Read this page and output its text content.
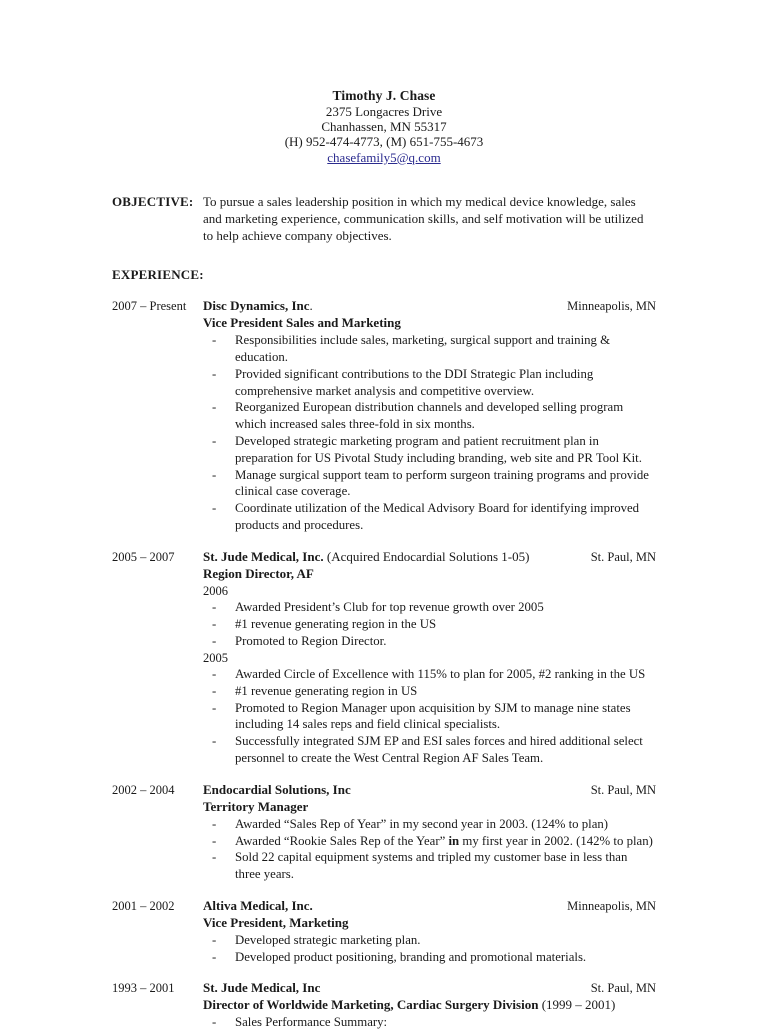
Timothy J. Chase
2375 Longacres Drive
Chanhassen, MN 55317
(H) 952-474-4773, (M) 651-755-4673
chasefamily5@q.com
OBJECTIVE: To pursue a sales leadership position in which my medical device knowledge, sales and marketing experience, communication skills, and self motivation will be utilized to help achieve company objectives.
EXPERIENCE:
2007 – Present	Disc Dynamics, Inc.	Minneapolis, MN
Vice President Sales and Marketing
- Responsibilities include sales, marketing, surgical support and training & education.
- Provided significant contributions to the DDI Strategic Plan including comprehensive market analysis and competitive overview.
- Reorganized European distribution channels and developed selling program which increased sales three-fold in six months.
- Developed strategic marketing program and patient recruitment plan in preparation for US Pivotal Study including branding, web site and PR Tool Kit.
- Manage surgical support team to perform surgeon training programs and provide clinical case coverage.
- Coordinate utilization of the Medical Advisory Board for identifying improved products and procedures.
2005 – 2007	St. Jude Medical, Inc. (Acquired Endocardial Solutions 1-05)	St. Paul, MN
Region Director, AF
2006
- Awarded President’s Club for top revenue growth over 2005
- #1 revenue generating region in the US
- Promoted to Region Director.
2005
- Awarded Circle of Excellence with 115% to plan for 2005, #2 ranking in the US
- #1 revenue generating region in US
- Promoted to Region Manager upon acquisition by SJM to manage nine states including 14 sales reps and field clinical specialists.
- Successfully integrated SJM EP and ESI sales forces and hired additional select personnel to create the West Central Region AF Sales Team.
2002 – 2004	Endocardial Solutions, Inc	St. Paul, MN
Territory Manager
- Awarded “Sales Rep of Year” in my second year in 2003. (124% to plan)
- Awarded “Rookie Sales Rep of the Year” in my first year in 2002. (142% to plan)
- Sold 22 capital equipment systems and tripled my customer base in less than three years.
2001 – 2002	Altiva Medical, Inc.	Minneapolis, MN
Vice President, Marketing
- Developed strategic marketing plan.
- Developed product positioning, branding and promotional materials.
1993 – 2001	St. Jude Medical, Inc	St. Paul, MN
Director of Worldwide Marketing, Cardiac Surgery Division (1999 – 2001)
- Sales Performance Summary:
